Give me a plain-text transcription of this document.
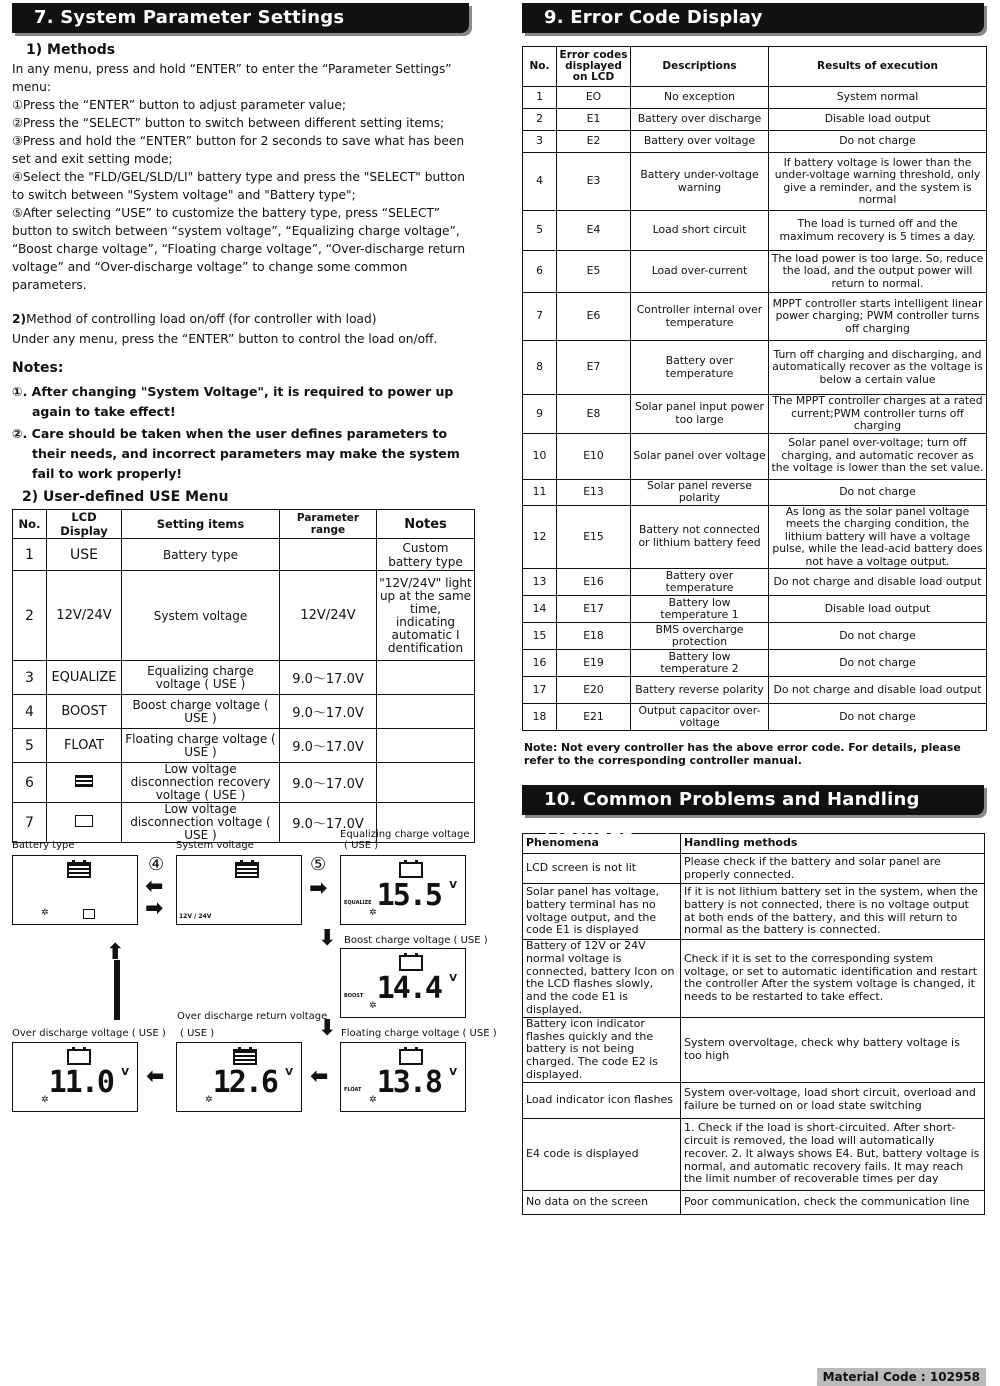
7. System Parameter Settings

1) Methods

In any menu, press and hold “ENTER” to enter the “Parameter Settings” menu:

①Press the “ENTER” button to adjust parameter value;

②Press the “SELECT” button to switch between different setting items;

③Press and hold the “ENTER” button for 2 seconds to save what has been set and exit setting mode;

④Select the "FLD/GEL/SLD/LI" battery type and press the "SELECT" button to switch between "System voltage" and "Battery type";

⑤After selecting “USE” to customize the battery type, press “SELECT” button to switch between “system voltage”, “Equalizing charge voltage”, “Boost charge voltage”, “Floating charge voltage”, “Over-discharge return voltage” and “Over-discharge voltage” to change some common parameters.

2)Method of controlling load on/off (for controller with load)

Under any menu, press the “ENTER” button to control the load on/off.

Notes:

①. After changing "System Voltage", it is required to power up again to take effect!

②. Care should be taken when the user defines parameters to their needs, and incorrect parameters may make the system fail to work properly!

2) User-defined USE Menu

No.	LCD Display	Setting items	Parameter range	Notes
1	USE	Battery type		Custom battery type
2	12V/24V	System voltage	12V/24V	"12V/24V" light up at the same time, indicating automatic I dentification
3	EQUALIZE	Equalizing charge voltage ( USE )	9.0～17.0V	
4	BOOST	Boost charge voltage ( USE )	9.0～17.0V	
5	FLOAT	Floating charge voltage ( USE )	9.0～17.0V	
6		Low voltage disconnection recovery voltage ( USE )	9.0～17.0V	
7		Low voltage disconnection voltage ( USE )	9.0～17.0V	
Battery type
✲
System voltage
12V / 24V
④
⬅
➡
⑤
➡
Equalizing charge voltage
( USE )
EQUALIZE 15.5 V
✲
⬇ Boost charge voltage ( USE )
BOOST 14.4 V
✲
⬇ Floating charge voltage ( USE )
FLOAT 13.8 V
✲
⬅
Over discharge return voltage
( USE )
12.6 V
✲
⬅
Over discharge voltage ( USE )
11.0 V
✲
⬆
9. Error Code Display
No.	Error codes displayed on LCD	Descriptions	Results of execution
1	EO	No exception	System normal
2	E1	Battery over discharge	Disable load output
3	E2	Battery over voltage	Do not charge
4	E3	Battery under-voltage warning	If battery voltage is lower than the under-voltage warning threshold, only give a reminder, and the system is normal
5	E4	Load short circuit	The load is turned off and the maximum recovery is 5 times a day.
6	E5	Load over-current	The load power is too large. So, reduce the load, and the output power will return to normal.
7	E6	Controller internal over temperature	MPPT controller starts intelligent linear power charging; PWM controller turns off charging
8	E7	Battery over temperature	Turn off charging and discharging, and automatically recover as the voltage is below a certain value
9	E8	Solar panel input power too large	The MPPT controller charges at a rated current;PWM controller turns off charging
10	E10	Solar panel over voltage	Solar panel over-voltage; turn off charging, and automatic recover as the voltage is lower than the set value.
11	E13	Solar panel reverse polarity	Do not charge
12	E15	Battery not connected or lithium battery feed	As long as the solar panel voltage meets the charging condition, the lithium battery will have a voltage pulse, while the lead-acid battery does not have a voltage output.
13	E16	Battery over temperature	Do not charge and disable load output
14	E17	Battery low temperature 1	Disable load output
15	E18	BMS overcharge protection	Do not charge
16	E19	Battery low temperature 2	Do not charge
17	E20	Battery reverse polarity	Do not charge and disable load output
18	E21	Output capacitor over-voltage	Do not charge

Note: Not every controller has the above error code. For details, please refer to the corresponding controller manual.

10. Common Problems and Handling Methods
Phenomena	Handling methods
LCD screen is not lit	Please check if the battery and solar panel are properly connected.
Solar panel has voltage, battery terminal has no voltage output, and the code E1 is displayed	If it is not lithium battery set in the system, when the battery is not connected, there is no voltage output at both ends of the battery, and this will return to normal as the battery is connected.
Battery of 12V or 24V normal voltage is connected, battery Icon on the LCD flashes slowly, and the code E1 is displayed.	Check if it is set to the corresponding system voltage, or set to automatic identification and restart the controller After the system voltage is changed, it needs to be restarted to take effect.
Battery icon indicator flashes quickly and the battery is not being charged. The code E2 is displayed.	System overvoltage, check why battery voltage is too high
Load indicator icon flashes	System over-voltage, load short circuit, overload and failure be turned on or load state switching
E4 code is displayed	1. Check if the load is short-circuited. After short-circuit is removed, the load will automatically recover. 2. It always shows E4. But, battery voltage is normal, and automatic recovery fails. It may reach the limit number of recoverable times per day
No data on the screen	Poor communication, check the communication line
Material Code : 102958
